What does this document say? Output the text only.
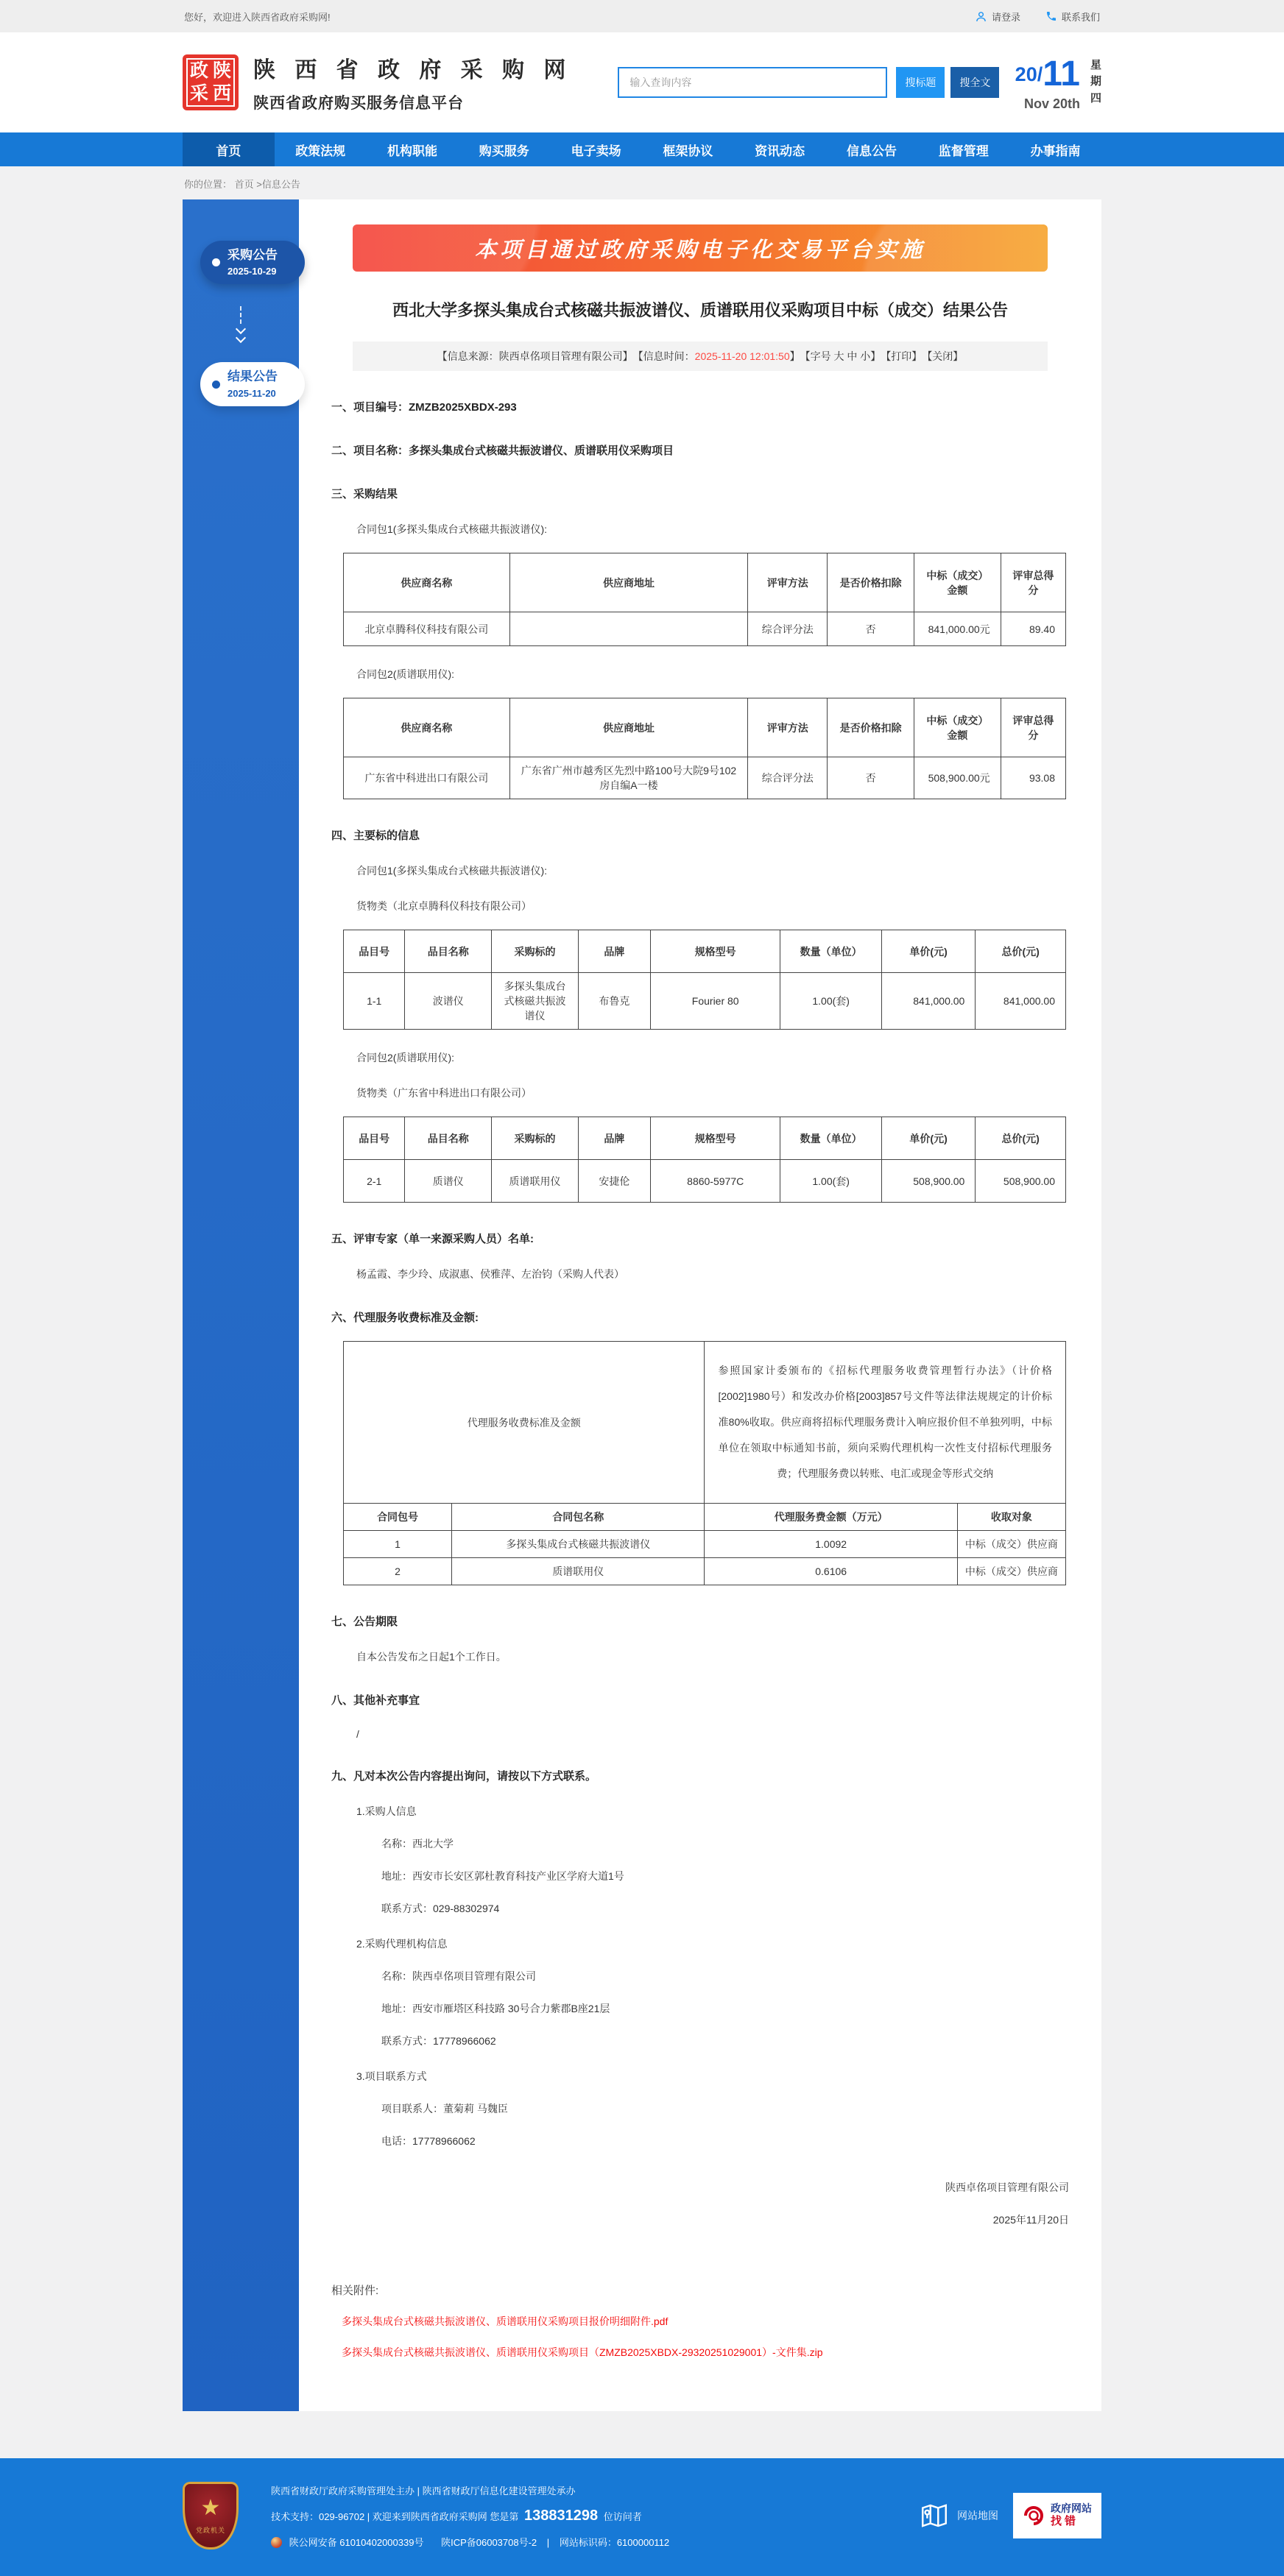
您好，欢迎进入陕西省政府采购网!	请登录	联系我们
政 陕
采 西
陕 西 省 政 府 采 购 网
陕西省政府购买服务信息平台
输入查询内容
搜标题	搜全文	20 / 11
Nov 20th
星
期
四
首页	政策法规	机构职能	购买服务	电子卖场	框架协议	资讯动态	信息公告	监督管理	办事指南
你的位置： 首页 >信息公告
采购公告
2025-10-29
结果公告
2025-11-20
本项目通过政府采购电子化交易平台实施
西北大学多探头集成台式核磁共振波谱仪、质谱联用仪采购项目中标（成交）结果公告
【信息来源：陕西卓佲项目管理有限公司】 【信息时间： 2025-11-20 12:01:50 】 【字号 大 中 小】 【打印】 【关闭】
一、项目编号：ZMZB2025XBDX-293
二、项目名称：多探头集成台式核磁共振波谱仪、质谱联用仪采购项目
三、采购结果
合同包1(多探头集成台式核磁共振波谱仪):
供应商名称	供应商地址	评审方法	是否价格扣除	中标（成交）金额	评审总得分
北京卓腾科仪科技有限公司		综合评分法	否	841,000.00元	89.40
合同包2(质谱联用仪):
供应商名称	供应商地址	评审方法	是否价格扣除	中标（成交）金额	评审总得分
广东省中科进出口有限公司	广东省广州市越秀区先烈中路100号大院9号102房自编A一楼	综合评分法	否	508,900.00元	93.08
四、主要标的信息
合同包1(多探头集成台式核磁共振波谱仪):
货物类（北京卓腾科仪科技有限公司）
品目号	品目名称	采购标的	品牌	规格型号	数量（单位）	单价(元)	总价(元)
1-1	波谱仪	多探头集成台式核磁共振波谱仪	布鲁克	Fourier 80	1.00(套)	841,000.00	841,000.00
合同包2(质谱联用仪):
货物类（广东省中科进出口有限公司）
品目号	品目名称	采购标的	品牌	规格型号	数量（单位）	单价(元)	总价(元)
2-1	质谱仪	质谱联用仪	安捷伦	8860-5977C	1.00(套)	508,900.00	508,900.00
五、评审专家（单一来源采购人员）名单:
杨孟霞、李少玲、成淑惠、侯雅萍、左治钧（采购人代表）
六、代理服务收费标准及金额:
代理服务收费标准及金额		参照国家计委颁布的《招标代理服务收费管理暂行办法》（计价格[2002]1980号）和发改办价格[2003]857号文件等法律法规规定的计价标准80%收取。供应商将招标代理服务费计入响应报价但不单独列明，中标单位在领取中标通知书前，须向采购代理机构一次性支付招标代理服务费；代理服务费以转账、电汇或现金等形式交纳	
合同包号	合同包名称	代理服务费金额（万元）	收取对象
1	多探头集成台式核磁共振波谱仪	1.0092	中标（成交）供应商
2	质谱联用仪	0.6106	中标（成交）供应商
七、公告期限
自本公告发布之日起1个工作日。
八、其他补充事宜
/
九、凡对本次公告内容提出询问，请按以下方式联系。
1.采购人信息
名称：西北大学
地址：西安市长安区郭杜教育科技产业区学府大道1号
联系方式：029-88302974
2.采购代理机构信息
名称：陕西卓佲项目管理有限公司
地址：西安市雁塔区科技路 30号合力紫郡B座21层
联系方式：17778966062
3.项目联系方式
项目联系人：董菊莉 马魏臣
电话：17778966062
陕西卓佲项目管理有限公司
2025年11月20日
相关附件:
多探头集成台式核磁共振波谱仪、质谱联用仪采购项目报价明细附件.pdf
多探头集成台式核磁共振波谱仪、质谱联用仪采购项目（ZMZB2025XBDX-29320251029001）-文件集.zip
★
党政机关
陕西省财政厅政府采购管理处主办 | 陕西省财政厅信息化建设管理处承办
技术支持：029-96702 | 欢迎来到陕西省政府采购网 您是第 138831298 位访问者
陕公网安备 61010402000339号 陕ICP备06003708号-2 | 网站标识码：6100000112
网站地图
政府网站
找错
